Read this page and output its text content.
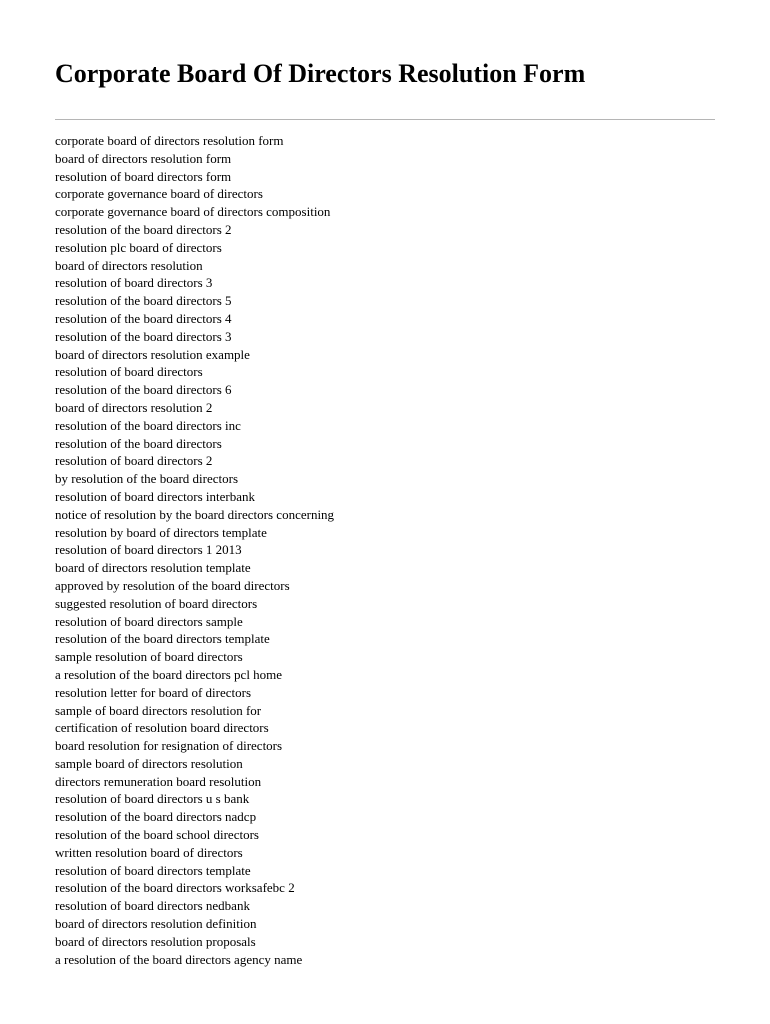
Corporate Board Of Directors Resolution Form
corporate board of directors resolution form
board of directors resolution form
resolution of board directors form
corporate governance board of directors
corporate governance board of directors composition
resolution of the board directors 2
resolution plc board of directors
board of directors resolution
resolution of board directors 3
resolution of the board directors 5
resolution of the board directors 4
resolution of the board directors 3
board of directors resolution example
resolution of board directors
resolution of the board directors 6
board of directors resolution 2
resolution of the board directors inc
resolution of the board directors
resolution of board directors 2
by resolution of the board directors
resolution of board directors interbank
notice of resolution by the board directors concerning
resolution by board of directors template
resolution of board directors 1 2013
board of directors resolution template
approved by resolution of the board directors
suggested resolution of board directors
resolution of board directors sample
resolution of the board directors template
sample resolution of board directors
a resolution of the board directors pcl home
resolution letter for board of directors
sample of board directors resolution for
certification of resolution board directors
board resolution for resignation of directors
sample board of directors resolution
directors remuneration board resolution
resolution of board directors u s bank
resolution of the board directors nadcp
resolution of the board school directors
written resolution board of directors
resolution of board directors template
resolution of the board directors worksafebc 2
resolution of board directors nedbank
board of directors resolution definition
board of directors resolution proposals
a resolution of the board directors agency name
